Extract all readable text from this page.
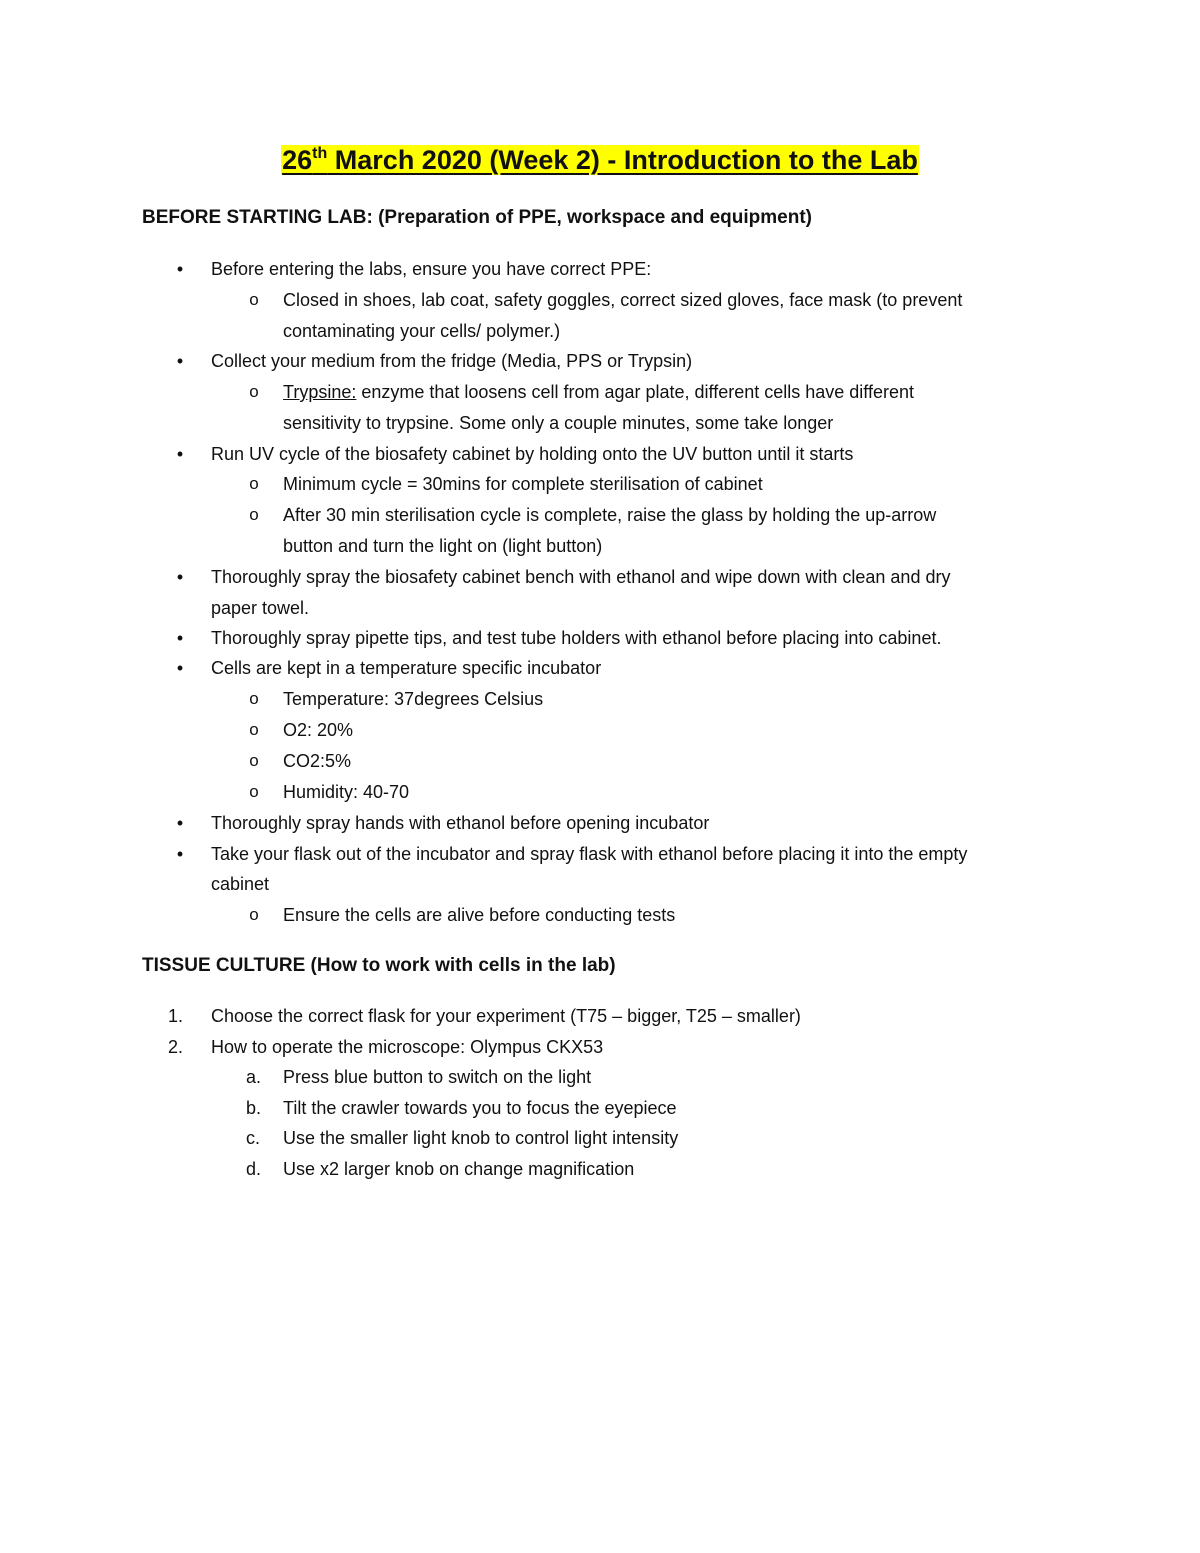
26th March 2020 (Week 2) - Introduction to the Lab
BEFORE STARTING LAB: (Preparation of PPE, workspace and equipment)
• Before entering the labs, ensure you have correct PPE:
o Closed in shoes, lab coat, safety goggles, correct sized gloves, face mask (to prevent
contaminating your cells/ polymer.)
• Collect your medium from the fridge (Media, PPS or Trypsin)
o Trypsine: enzyme that loosens cell from agar plate, different cells have different
sensitivity to trypsine. Some only a couple minutes, some take longer
• Run UV cycle of the biosafety cabinet by holding onto the UV button until it starts
o Minimum cycle = 30mins for complete sterilisation of cabinet
o After 30 min sterilisation cycle is complete, raise the glass by holding the up-arrow
button and turn the light on (light button)
• Thoroughly spray the biosafety cabinet bench with ethanol and wipe down with clean and dry
paper towel.
• Thoroughly spray pipette tips, and test tube holders with ethanol before placing into cabinet.
• Cells are kept in a temperature specific incubator
o Temperature: 37degrees Celsius
o O2: 20%
o CO2:5%
o Humidity: 40-70
• Thoroughly spray hands with ethanol before opening incubator
• Take your flask out of the incubator and spray flask with ethanol before placing it into the empty
cabinet
o Ensure the cells are alive before conducting tests
TISSUE CULTURE (How to work with cells in the lab)
1.	Choose the correct flask for your experiment (T75 – bigger, T25 – smaller)
2.	How to operate the microscope: Olympus CKX53
a.	Press blue button to switch on the light
b.	Tilt the crawler towards you to focus the eyepiece
c.	Use the smaller light knob to control light intensity
d.	Use x2 larger knob on change magnification
